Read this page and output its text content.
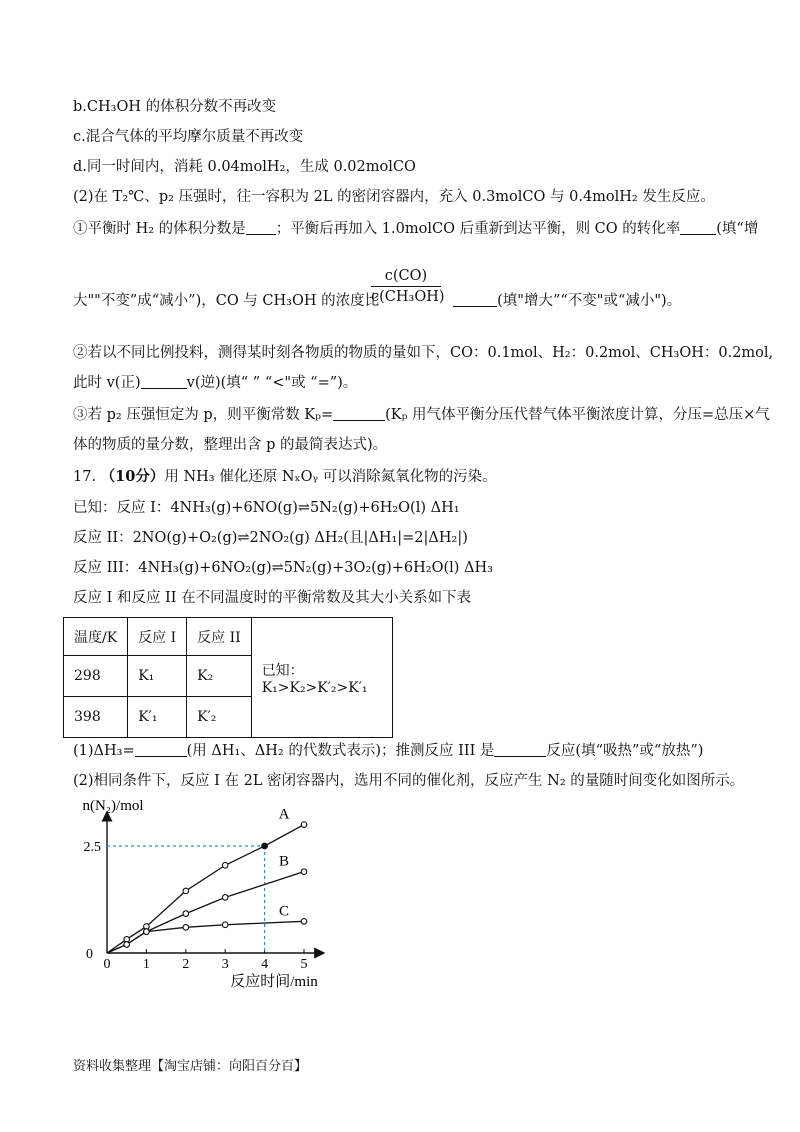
b.CH₃OH 的体积分数不再改变
c.混合气体的平均摩尔质量不再改变
d.同一时间内，消耗 0.04molH₂，生成 0.02molCO
(2)在 T₂℃、p₂ 压强时，往一容积为 2L 的密闭容器内，充入 0.3molCO 与 0.4molH₂ 发生反应。
①平衡时 H₂ 的体积分数是 ；平衡后再加入 1.0molCO 后重新到达平衡，则 CO 的转化率 (填“增
c(CO)
c(CH₃OH)
大""不变”成“减小”)，CO 与 CH₃OH 的浓度比	(填"增大”“不变"或“减小")。
②若以不同比例投料，测得某时刻各物质的物质的量如下，CO：0.1mol、H₂：0.2mol、CH₃OH：0.2mol,
此时 v(正)	v(逆)(填“ ” “<"或 “=”)。
③若 p₂ 压强恒定为 p，则平衡常数 Kₚ=	(Kₚ 用气体平衡分压代替气体平衡浓度计算，分压=总压×气
体的物质的量分数，整理出含 p 的最简表达式)。
17. （10分）用 NH₃ 催化还原 NₓOᵧ 可以消除氮氧化物的污染。
已知：反应 I：4NH₃(g)+6NO(g)⇌5N₂(g)+6H₂O(l) ΔH₁
反应 II：2NO(g)+O₂(g)⇌2NO₂(g) ΔH₂(且|ΔH₁|=2|ΔH₂|)
反应 III：4NH₃(g)+6NO₂(g)⇌5N₂(g)+3O₂(g)+6H₂O(l) ΔH₃
反应 I 和反应 II 在不同温度时的平衡常数及其大小关系如下表
温度/K	反应 I	反应 II	已知：K₁>K₂>K′₂>K′₁
298	K₁	K₂	
398	K′₁	K′₂	
(1)ΔH₃=	(用 ΔH₁、ΔH₂ 的代数式表示)；推测反应 III 是	反应(填“吸热”或“放热”)
(2)相同条件下，反应 I 在 2L 密闭容器内，选用不同的催化剂，反应产生 N₂ 的量随时间变化如图所示。
0 1 2 3 4 5
0
2.5
n(N₂)/mol
反应时间/min
A
B
C
资料收集整理【淘宝店铺：向阳百分百】
